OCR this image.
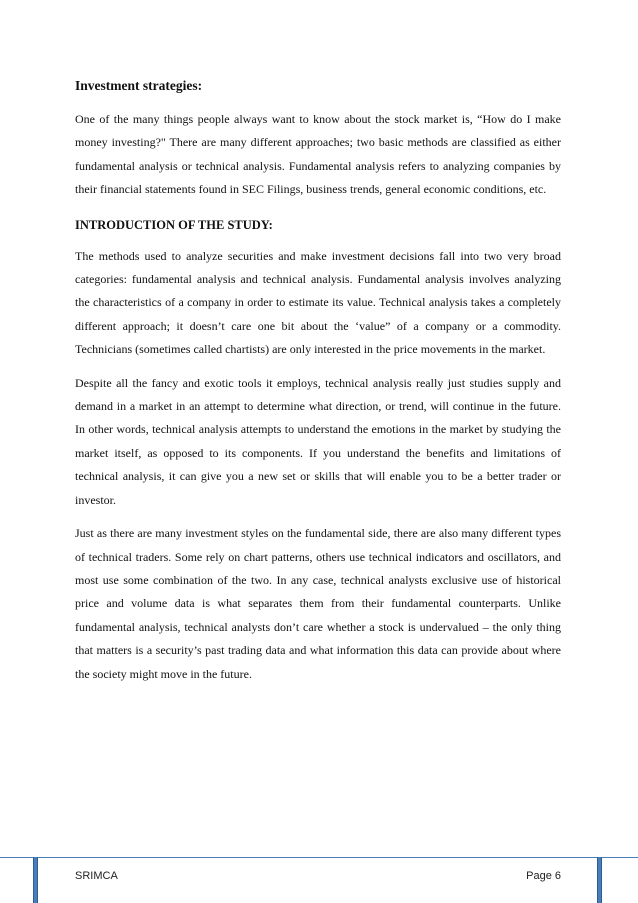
Investment strategies:

One of the many things people always want to know about the stock market is, “How do I make money investing?" There are many different approaches; two basic methods are classified as either fundamental analysis or technical analysis. Fundamental analysis refers to analyzing companies by their financial statements found in SEC Filings, business trends, general economic conditions, etc.

INTRODUCTION OF THE STUDY:

The methods used to analyze securities and make investment decisions fall into two very broad categories: fundamental analysis and technical analysis. Fundamental analysis involves analyzing the characteristics of a company in order to estimate its value. Technical analysis takes a completely different approach; it doesn’t care one bit about the ‘value” of a company or a commodity. Technicians (sometimes called chartists) are only interested in the price movements in the market.

Despite all the fancy and exotic tools it employs, technical analysis really just studies supply and demand in a market in an attempt to determine what direction, or trend, will continue in the future. In other words, technical analysis attempts to understand the emotions in the market by studying the market itself, as opposed to its components. If you understand the benefits and limitations of technical analysis, it can give you a new set or skills that will enable you to be a better trader or investor.

Just as there are many investment styles on the fundamental side, there are also many different types of technical traders. Some rely on chart patterns, others use technical indicators and oscillators, and most use some combination of the two. In any case, technical analysts exclusive use of historical price and volume data is what separates them from their fundamental counterparts. Unlike fundamental analysis, technical analysts don’t care whether a stock is undervalued – the only thing that matters is a security’s past trading data and what information this data can provide about where the society might move in the future.

SRIMCA	Page 6
